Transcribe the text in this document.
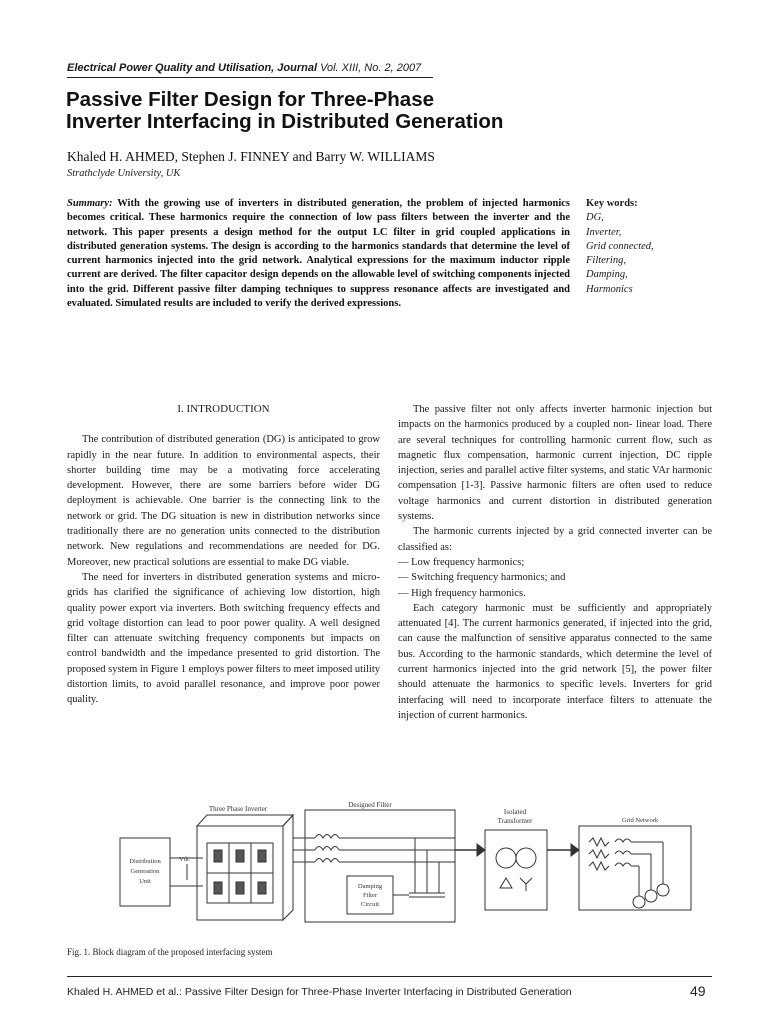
Electrical Power Quality and Utilisation, Journal Vol. XIII, No. 2, 2007
Passive Filter Design for Three-Phase
Inverter Interfacing in Distributed Generation
Khaled H. AHMED, Stephen J. FINNEY and Barry W. WILLIAMS
Strathclyde University, UK
Summary: With the growing use of inverters in distributed generation, the problem of injected harmonics becomes critical. These harmonics require the connection of low pass filters between the inverter and the network. This paper presents a design method for the output LC filter in grid coupled applications in distributed generation systems. The design is according to the harmonics standards that determine the level of current harmonics injected into the grid network. Analytical expressions for the maximum inductor ripple current are derived. The filter capacitor design depends on the allowable level of switching components injected into the grid. Different passive filter damping techniques to suppress resonance affects are investigated and evaluated. Simulated results are included to verify the derived expressions.
Key words:
DG,
Inverter,
Grid connected,
Filtering,
Damping,
Harmonics

I. INTRODUCTION

The contribution of distributed generation (DG) is anticipated to grow rapidly in the near future. In addition to environmental aspects, their shorter building time may be a motivating force accelerating development. However, there are some barriers before wider DG deployment is achievable. One barrier is the connecting link to the network or grid. The DG situation is new in distribution networks since traditionally there are no generation units connected to the distribution network. New regulations and recommendations are needed for DG. Moreover, new practical solutions are essential to make DG viable.

The need for inverters in distributed generation systems and micro-grids has clarified the significance of achieving low distortion, high quality power export via inverters. Both switching frequency effects and grid voltage distortion can lead to poor power quality. A well designed filter can attenuate switching frequency components but impacts on control bandwidth and the impedance presented to grid distortion. The proposed system in Figure 1 employs power filters to meet imposed utility distortion limits, to avoid parallel resonance, and improve poor power quality.

The passive filter not only affects inverter harmonic injection but impacts on the harmonics produced by a coupled non- linear load. There are several techniques for controlling harmonic current flow, such as magnetic flux compensation, harmonic current injection, DC ripple injection, series and parallel active filter systems, and static VAr harmonic compensation [1-3]. Passive harmonic filters are often used to reduce voltage harmonics and current distortion in distributed generation systems.

The harmonic currents injected by a grid connected inverter can be classified as:

— Low frequency harmonics;

— Switching frequency harmonics; and

— High frequency harmonics.

Each category harmonic must be sufficiently and appropriately attenuated [4]. The current harmonics generated, if injected into the grid, can cause the malfunction of sensitive apparatus connected to the same bus. According to the harmonic standards, which determine the level of current harmonics injected into the grid network [5], the power filter should attenuate the harmonics to specific levels. Inverters for grid interfacing will need to incorporate interface filters to attenuate the injection of current harmonics.

Three Phase Inverter	Designed Filter
Isolated
Transformer	Grid Network
Distribution
Generation
Unit
Vdc
Damping
Filter
Circuit
Fig. 1. Block diagram of the proposed interfacing system
Khaled H. AHMED et al.: Passive Filter Design for Three-Phase Inverter Interfacing in Distributed Generation	49
